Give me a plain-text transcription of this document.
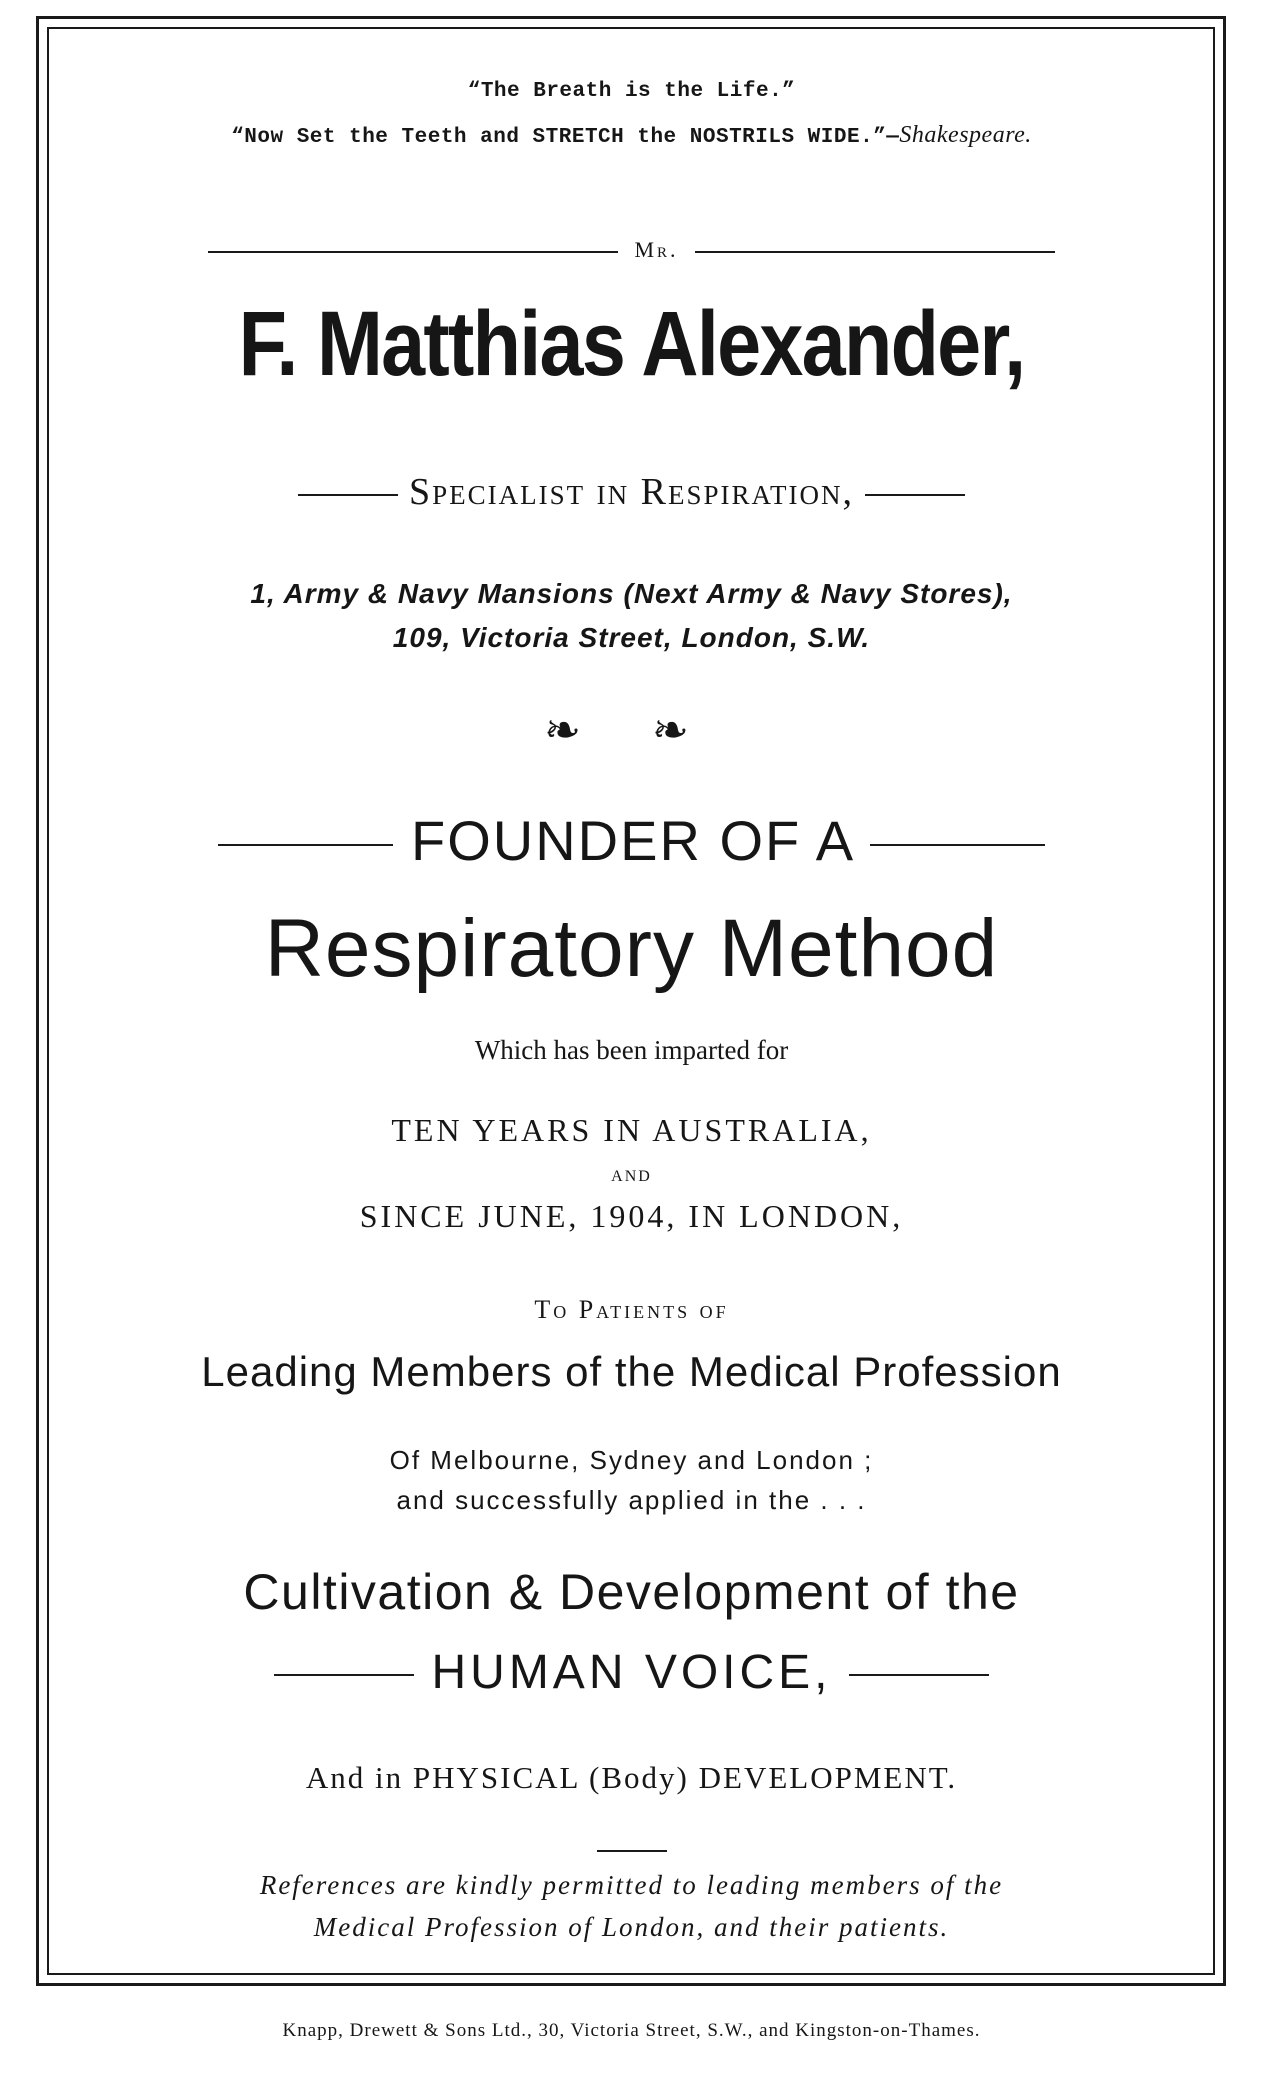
“The Breath is the Life.”
“Now Set the Teeth and STRETCH the NOSTRILS WIDE.”—Shakespeare.
Mr.
F. Matthias Alexander,
Specialist in Respiration,
1, Army & Navy Mansions (Next Army & Navy Stores),
109, Victoria Street, London, S.W.
❧ ❧
FOUNDER OF A
Respiratory Method
Which has been imparted for
TEN YEARS IN AUSTRALIA,
AND
SINCE JUNE, 1904, IN LONDON,
To Patients of
Leading Members of the Medical Profession
Of Melbourne, Sydney and London ;
and successfully applied in the . . .
Cultivation & Development of the
HUMAN VOICE,
And in PHYSICAL (Body) DEVELOPMENT.
References are kindly permitted to leading members of the
Medical Profession of London, and their patients.
Knapp, Drewett & Sons Ltd., 30, Victoria Street, S.W., and Kingston-on-Thames.
